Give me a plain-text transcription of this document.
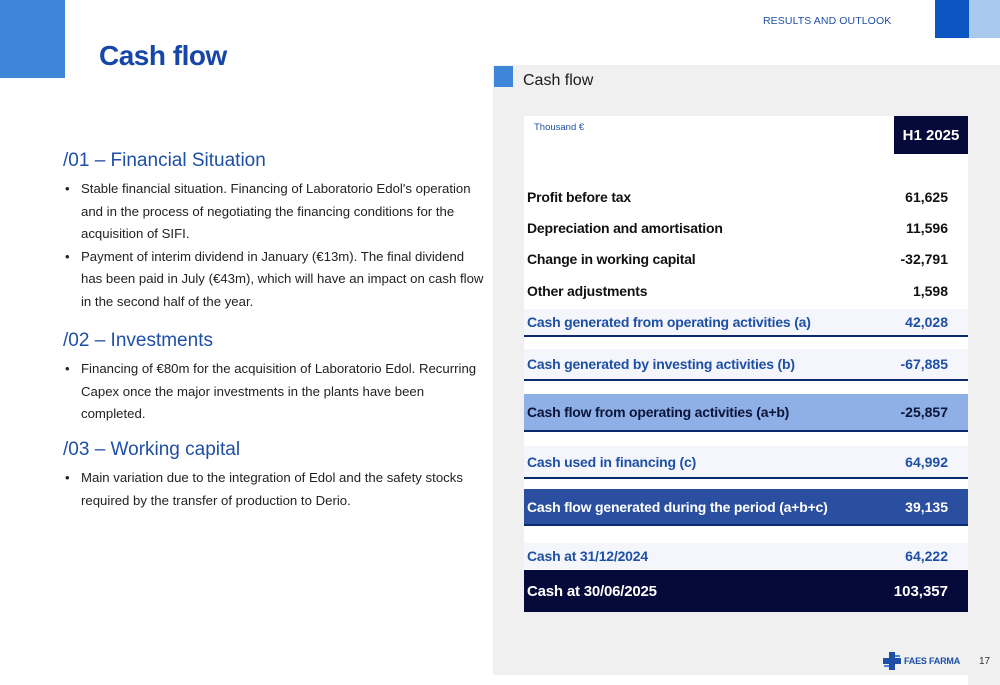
RESULTS AND OUTLOOK
Cash flow
/01 – Financial Situation
• Stable financial situation. Financing of Laboratorio Edol's operation and in the process of negotiating the financing conditions for the acquisition of SIFI.
• Payment of interim dividend in January (€13m). The final dividend has been paid in July (€43m), which will have an impact on cash flow in the second half of the year.
/02 – Investments
• Financing of €80m for the acquisition of Laboratorio Edol. Recurring Capex once the major investments in the plants have been completed.
/03 – Working capital
• Main variation due to the integration of Edol and the safety stocks required by the transfer of production to Derio.
Cash flow
Thousand €	H1 2025
Profit before tax	61,625
Depreciation and amortisation	11,596
Change in working capital	-32,791
Other adjustments	1,598
Cash generated from operating activities (a)	42,028
Cash generated by investing activities (b)	-67,885
Cash flow from operating activities (a+b)	-25,857
Cash used in financing (c)	64,992
Cash flow generated during the period (a+b+c)	39,135
Cash at 31/12/2024	64,222
Cash at 30/06/2025	103,357
FAES FARMA 17
